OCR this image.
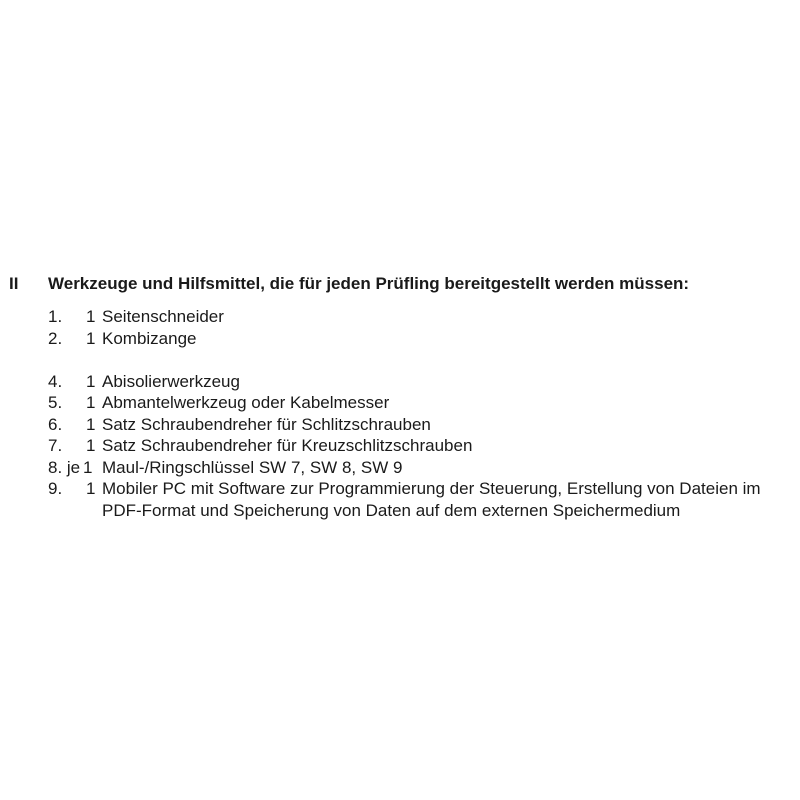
II Werkzeuge und Hilfsmittel, die für jeden Prüfling bereitgestellt werden müssen:
1. 1 Seitenschneider
2. 1 Kombizange
4. 1 Abisolierwerkzeug
5. 1 Abmantelwerkzeug oder Kabelmesser
6. 1 Satz Schraubendreher für Schlitzschrauben
7. 1 Satz Schraubendreher für Kreuzschlitzschrauben
8. je 1 Maul-/Ringschlüssel SW 7, SW 8, SW 9
9. 1 Mobiler PC mit Software zur Programmierung der Steuerung, Erstellung von Dateien im PDF-Format und Speicherung von Daten auf dem externen Speichermedium
